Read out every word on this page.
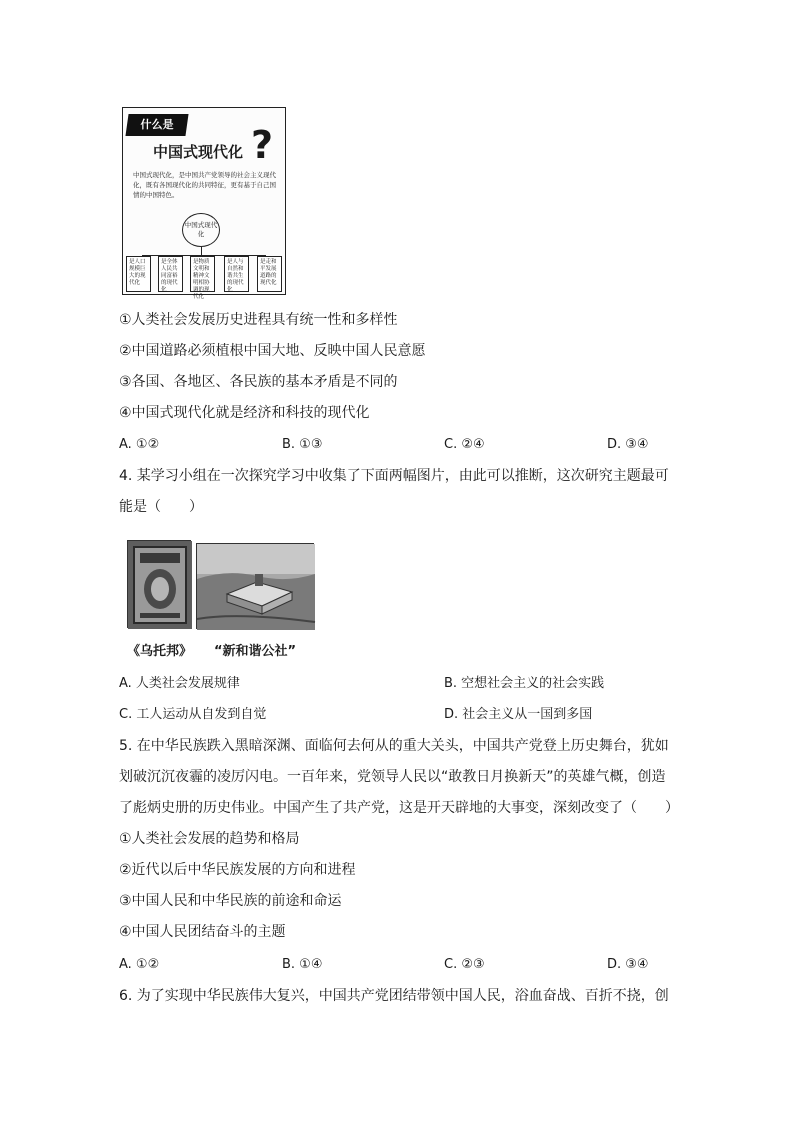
什么是
中国式现代化 ?
中国式现代化，是中国共产党领导的社会主义现代化，既有各国现代化的共同特征，更有基于自己国情的中国特色。
中国式现代化
是人口规模巨大的现代化
是全体人民共同富裕的现代化
是物质文明和精神文明相协调的现代化
是人与自然和谐共生的现代化
是走和平发展道路的现代化
①人类社会发展历史进程具有统一性和多样性
②中国道路必须植根中国大地、反映中国人民意愿
③各国、各地区、各民族的基本矛盾是不同的
④中国式现代化就是经济和科技的现代化
A. ①②	B. ①③	C. ②④	D. ③④
4. 某学习小组在一次探究学习中收集了下面两幅图片，由此可以推断，这次研究主题最可
能是（　　）
《乌托邦》 “新和谐公社”
A. 人类社会发展规律	B. 空想社会主义的社会实践
C. 工人运动从自发到自觉	D. 社会主义从一国到多国
5. 在中华民族跌入黑暗深渊、面临何去何从的重大关头，中国共产党登上历史舞台，犹如
划破沉沉夜霾的凌厉闪电。一百年来，党领导人民以“敢教日月换新天”的英雄气概，创造
了彪炳史册的历史伟业。中国产生了共产党，这是开天辟地的大事变，深刻改变了（　　）
①人类社会发展的趋势和格局
②近代以后中华民族发展的方向和进程
③中国人民和中华民族的前途和命运
④中国人民团结奋斗的主题
A. ①②	B. ①④	C. ②③	D. ③④
6. 为了实现中华民族伟大复兴，中国共产党团结带领中国人民，浴血奋战、百折不挠，创
